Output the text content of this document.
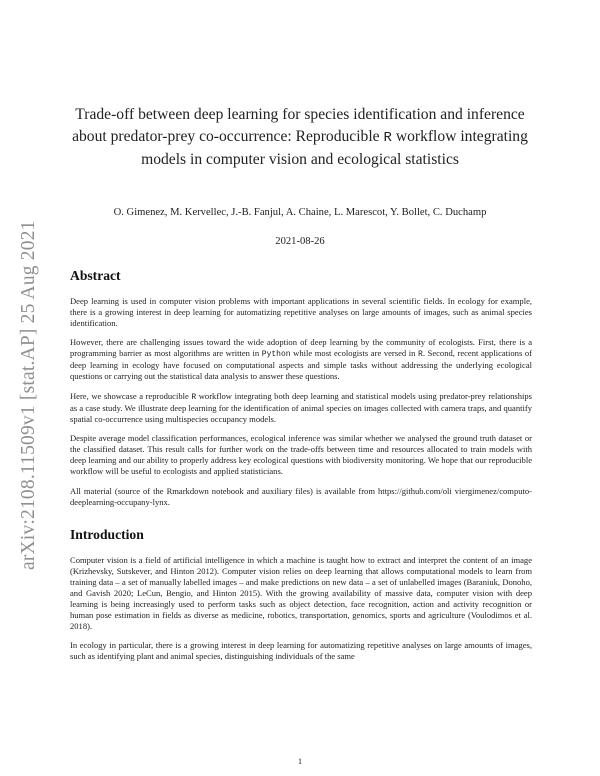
arXiv:2108.11509v1 [stat.AP] 25 Aug 2021
Trade-off between deep learning for species identification and inference about predator-prey co-occurrence: Reproducible R workflow integrating models in computer vision and ecological statistics
O. Gimenez, M. Kervellec, J.-B. Fanjul, A. Chaine, L. Marescot, Y. Bollet, C. Duchamp
2021-08-26
Abstract

Deep learning is used in computer vision problems with important applications in several scientific fields. In ecology for example, there is a growing interest in deep learning for automatizing repetitive analyses on large amounts of images, such as animal species identification.

However, there are challenging issues toward the wide adoption of deep learning by the community of ecologists. First, there is a programming barrier as most algorithms are written in Python while most ecologists are versed in R. Second, recent applications of deep learning in ecology have focused on computational aspects and simple tasks without addressing the underlying ecological questions or carrying out the statistical data analysis to answer these questions.

Here, we showcase a reproducible R workflow integrating both deep learning and statistical models using predator-prey relationships as a case study. We illustrate deep learning for the identification of animal species on images collected with camera traps, and quantify spatial co-occurrence using multispecies occupancy models.

Despite average model classification performances, ecological inference was similar whether we analysed the ground truth dataset or the classified dataset. This result calls for further work on the trade-offs between time and resources allocated to train models with deep learning and our ability to properly address key ecological questions with biodiversity monitoring. We hope that our reproducible workflow will be useful to ecologists and applied statisticians.

All material (source of the Rmarkdown notebook and auxiliary files) is available from https://github.com/oli viergimenez/computo-deeplearning-occupany-lynx.

Introduction

Computer vision is a field of artificial intelligence in which a machine is taught how to extract and interpret the content of an image (Krizhevsky, Sutskever, and Hinton 2012). Computer vision relies on deep learning that allows computational models to learn from training data – a set of manually labelled images – and make predictions on new data – a set of unlabelled images (Baraniuk, Donoho, and Gavish 2020; LeCun, Bengio, and Hinton 2015). With the growing availability of massive data, computer vision with deep learning is being increasingly used to perform tasks such as object detection, face recognition, action and activity recognition or human pose estimation in fields as diverse as medicine, robotics, transportation, genomics, sports and agriculture (Voulodimos et al. 2018).

In ecology in particular, there is a growing interest in deep learning for automatizing repetitive analyses on large amounts of images, such as identifying plant and animal species, distinguishing individuals of the same

1
